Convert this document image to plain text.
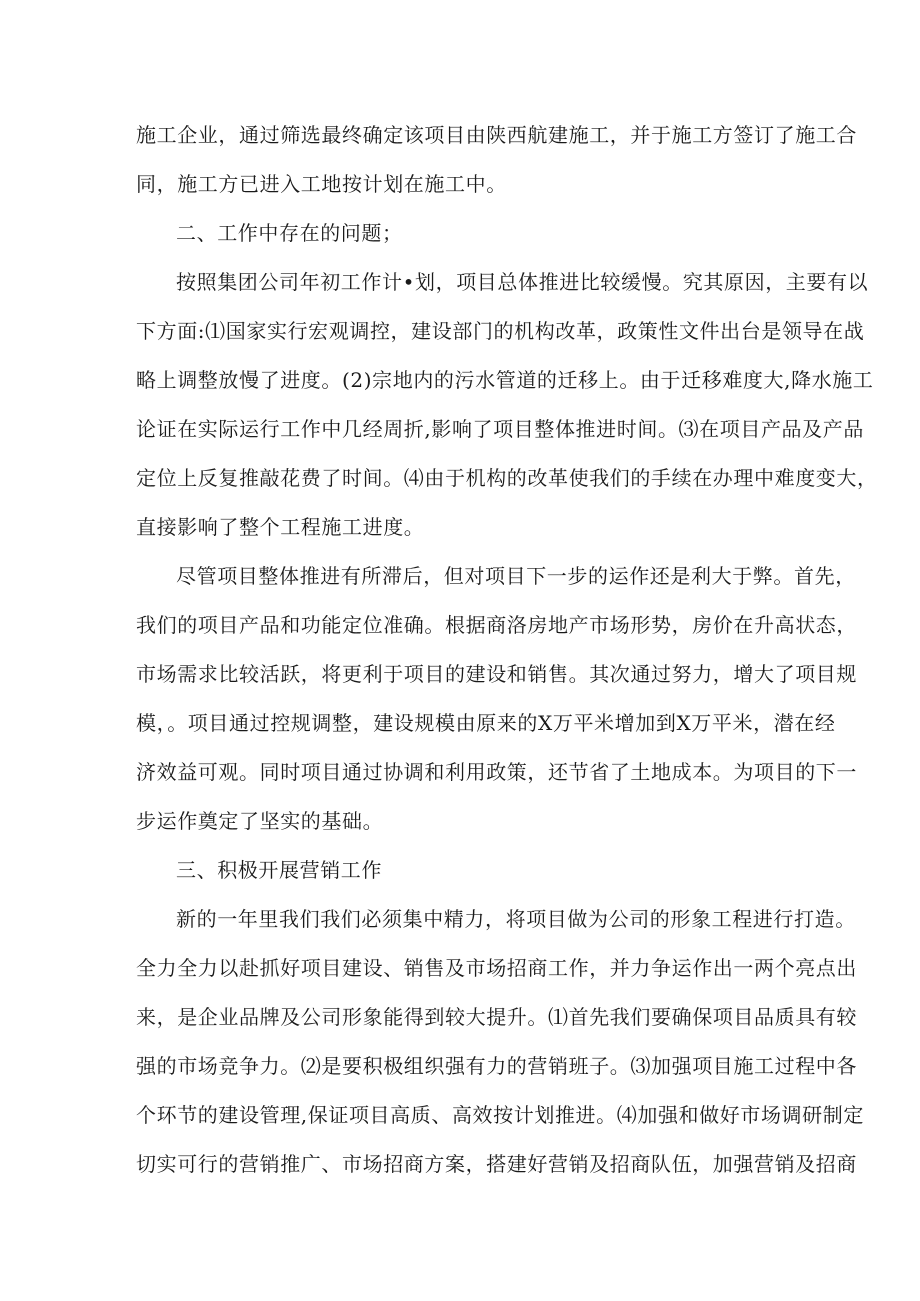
施工企业，通过筛选最终确定该项目由陕西航建施工，并于施工方签订了施工合
同，施工方已进入工地按计划在施工中。
二、工作中存在的问题；
按照集团公司年初工作计•划，项目总体推进比较缓慢。究其原因，主要有以
下方面:⑴国家实行宏观调控，建设部门的机构改革，政策性文件出台是领导在战
略上调整放慢了进度。(2)宗地内的污水管道的迁移上。由于迁移难度大,降水施工
论证在实际运行工作中几经周折,影响了项目整体推进时间。⑶在项目产品及产品
定位上反复推敲花费了时间。⑷由于机构的改革使我们的手续在办理中难度变大，
直接影响了整个工程施工进度。
尽管项目整体推进有所滞后，但对项目下一步的运作还是利大于弊。首先，
我们的项目产品和功能定位准确。根据商洛房地产市场形势，房价在升高状态，
市场需求比较活跃，将更利于项目的建设和销售。其次通过努力，增大了项目规
模，。项目通过控规调整，建设规模由原来的X万平米增加到X万平米，潜在经
济效益可观。同时项目通过协调和利用政策，还节省了土地成本。为项目的下一
步运作奠定了坚实的基础。
三、积极开展营销工作
新的一年里我们我们必须集中精力，将项目做为公司的形象工程进行打造。
全力全力以赴抓好项目建设、销售及市场招商工作，并力争运作出一两个亮点出
来，是企业品牌及公司形象能得到较大提升。⑴首先我们要确保项目品质具有较
强的市场竞争力。⑵是要积极组织强有力的营销班子。⑶加强项目施工过程中各
个环节的建设管理,保证项目高质、高效按计划推进。⑷加强和做好市场调研制定
切实可行的营销推广、市场招商方案，搭建好营销及招商队伍，加强营销及招商
